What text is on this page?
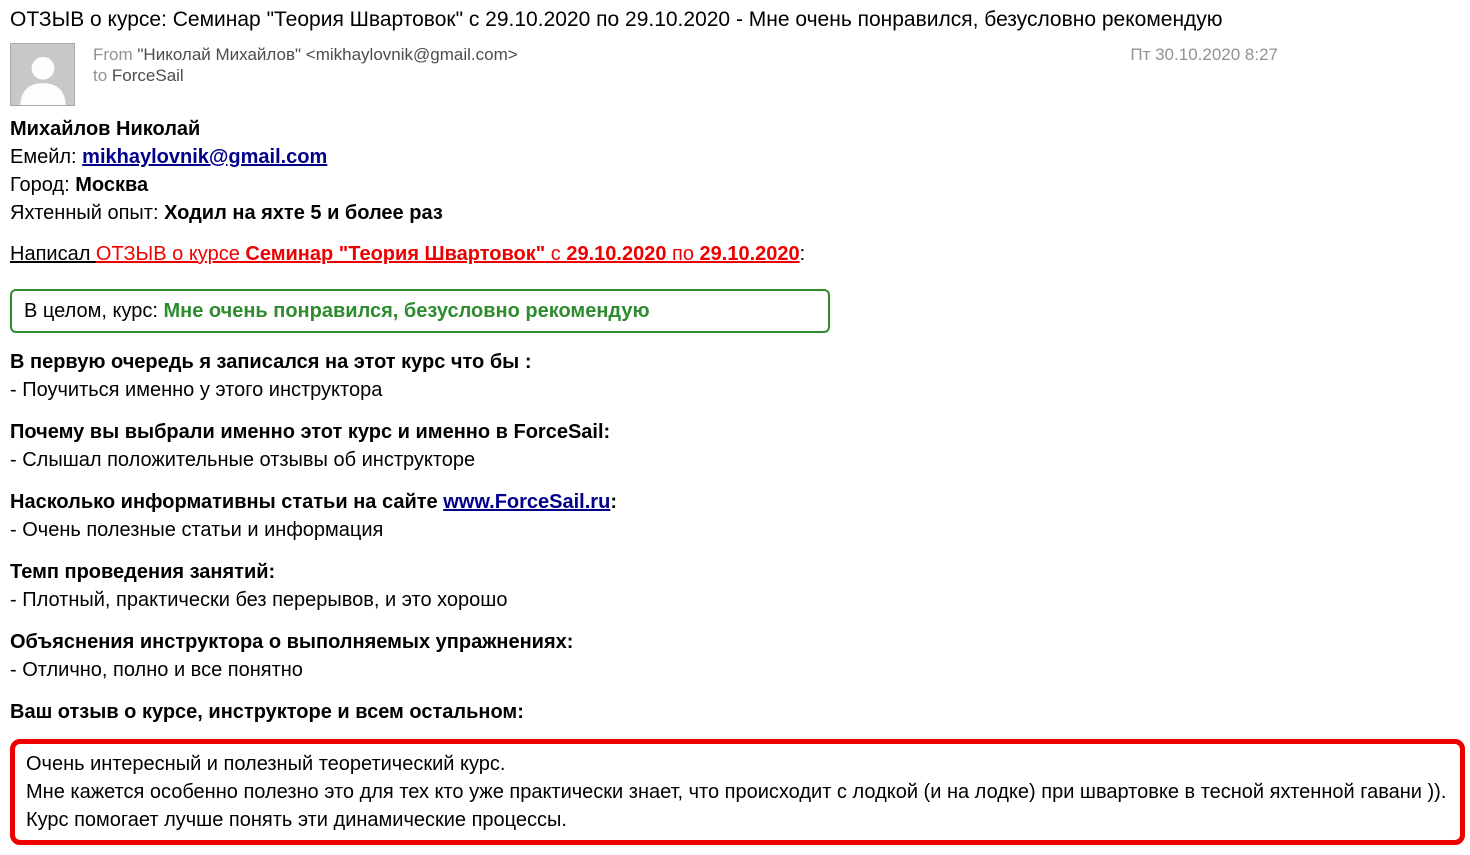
ОТЗЫВ о курсе: Семинар "Теория Швартовок" с 29.10.2020 по 29.10.2020 - Мне очень понравился, безусловно рекомендую
From "Николай Михайлов" <mikhaylovnik@gmail.com>
to ForceSail
Пт 30.10.2020 8:27
Михайлов Николай
Емейл: mikhaylovnik@gmail.com
Город: Москва
Яхтенный опыт: Ходил на яхте 5 и более раз
Написал ОТЗЫВ о курсе Семинар "Теория Швартовок" с 29.10.2020 по 29.10.2020:
В целом, курс: Мне очень понравился, безусловно рекомендую
В первую очередь я записался на этот курс что бы :
- Поучиться именно у этого инструктора
Почему вы выбрали именно этот курс и именно в ForceSail:
- Слышал положительные отзывы об инструкторе
Насколько информативны статьи на сайте www.ForceSail.ru:
- Очень полезные статьи и информация
Темп проведения занятий:
- Плотный, практически без перерывов, и это хорошо
Объяснения инструктора о выполняемых упражнениях:
- Отлично, полно и все понятно
Ваш отзыв о курсе, инструкторе и всем остальном:
Очень интересный и полезный теоретический курс.
Мне кажется особенно полезно это для тех кто уже практически знает, что происходит с лодкой (и на лодке) при швартовке в тесной яхтенной гавани )).
Курс помогает лучше понять эти динамические процессы.
